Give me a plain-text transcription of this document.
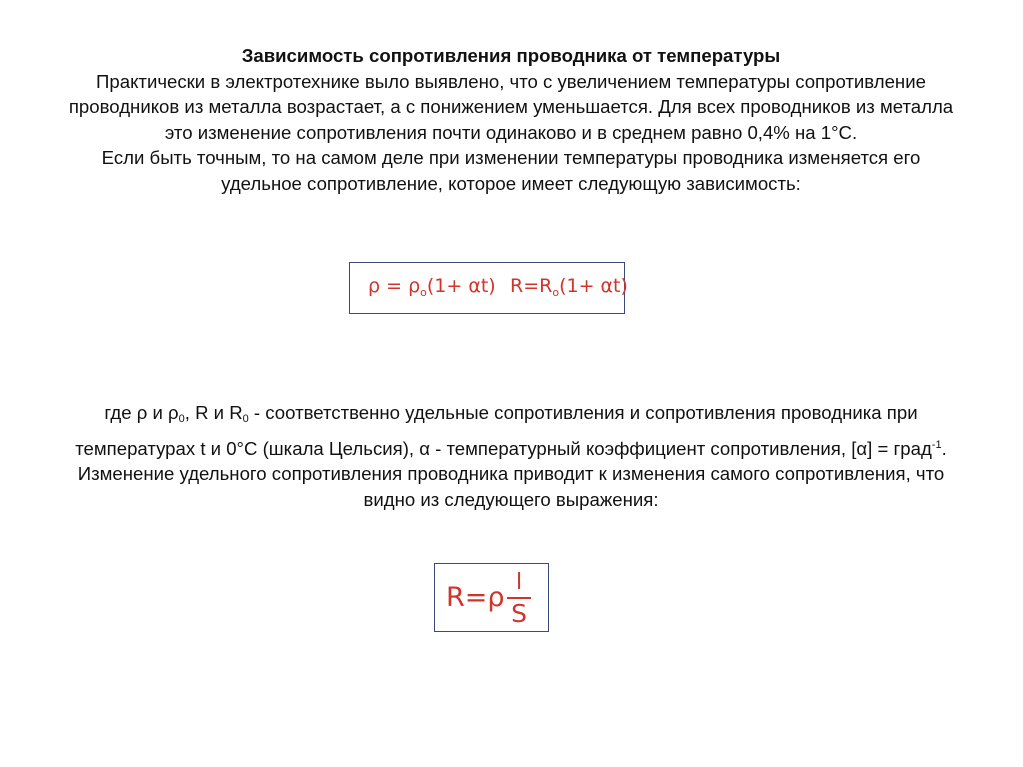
Зависимость сопротивления проводника от температуры
Практически в электротехнике выло выявлено, что с увеличением температуры сопротивление
проводников из металла возрастает, а с понижением уменьшается. Для всех проводников из металла
это изменение сопротивления почти одинаково и в среднем равно 0,4% на 1°С.
Если быть точным, то на самом деле при изменении температуры проводника изменяется его
удельное сопротивление, которое имеет следующую зависимость:
$\rho = \rho_o(1+ \alpha t)$ $R=R_o(1+ \alpha t)$
где ρ и $\rho_0$, R и $R_0$ - соответственно удельные сопротивления и сопротивления проводника при
температурах t и 0°С (шкала Цельсия), α - температурный коэффициент сопротивления, [α] = град$^{-1}$.
Изменение удельного сопротивления проводника приводит к изменения самого сопротивления, что
видно из следующего выражения:
R=ρ l
S
